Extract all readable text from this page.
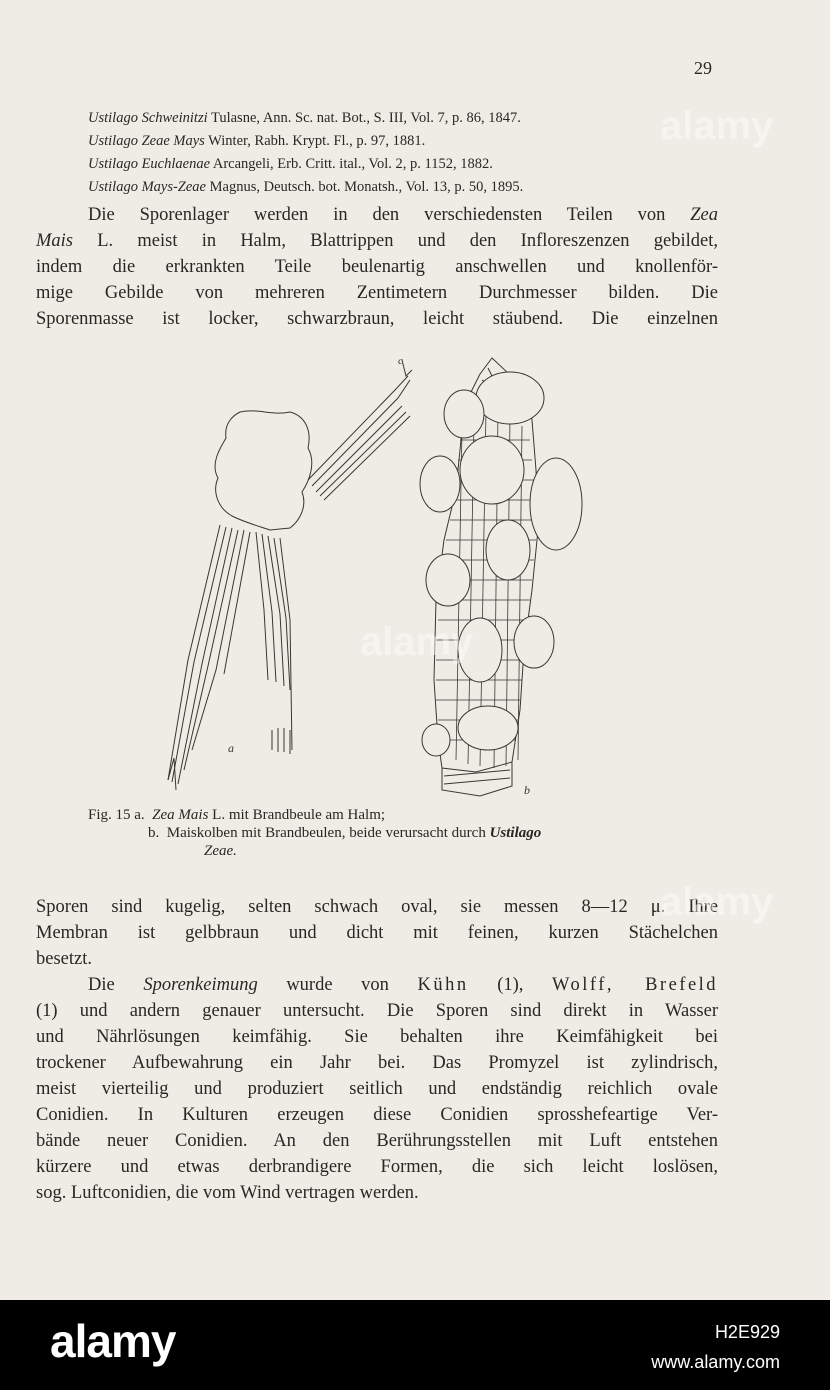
29
Ustilago Schweinitzi Tulasne, Ann. Sc. nat. Bot., S. III, Vol. 7, p. 86, 1847.
Ustilago Zeae Mays Winter, Rabh. Krypt. Fl., p. 97, 1881.
Ustilago Euchlaenae Arcangeli, Erb. Critt. ital., Vol. 2, p. 1152, 1882.
Ustilago Mays-Zeae Magnus, Deutsch. bot. Monatsh., Vol. 13, p. 50, 1895.
Die Sporenlager werden in den verschiedensten Teilen von Zea
Mais L. meist in Halm, Blattrippen und den Infloreszenzen gebildet,
indem die erkrankten Teile beulenartig anschwellen und knollenför-
mige Gebilde von mehreren Zentimetern Durchmesser bilden. Die
Sporenmasse ist locker, schwarzbraun, leicht stäubend. Die einzelnen
a
b
c
Fig. 15 a. Zea Mais L. mit Brandbeule am Halm;
b. Maiskolben mit Brandbeulen, beide verursacht durch Ustilago
Zeae.
Sporen sind kugelig, selten schwach oval, sie messen 8—12 μ. Ihre
Membran ist gelbbraun und dicht mit feinen, kurzen Stächelchen
besetzt.
Die Sporenkeimung wurde von Kühn (1), Wolff, Brefeld
(1) und andern genauer untersucht. Die Sporen sind direkt in Wasser
und Nährlösungen keimfähig. Sie behalten ihre Keimfähigkeit bei
trockener Aufbewahrung ein Jahr bei. Das Promyzel ist zylindrisch,
meist vierteilig und produziert seitlich und endständig reichlich ovale
Conidien. In Kulturen erzeugen diese Conidien sprosshefeartige Ver-
bände neuer Conidien. An den Berührungsstellen mit Luft entstehen
kürzere und etwas derbrandigere Formen, die sich leicht loslösen,
sog. Luftconidien, die vom Wind vertragen werden.
alamy
alamy
alamy
alamy	H2E929
www.alamy.com
